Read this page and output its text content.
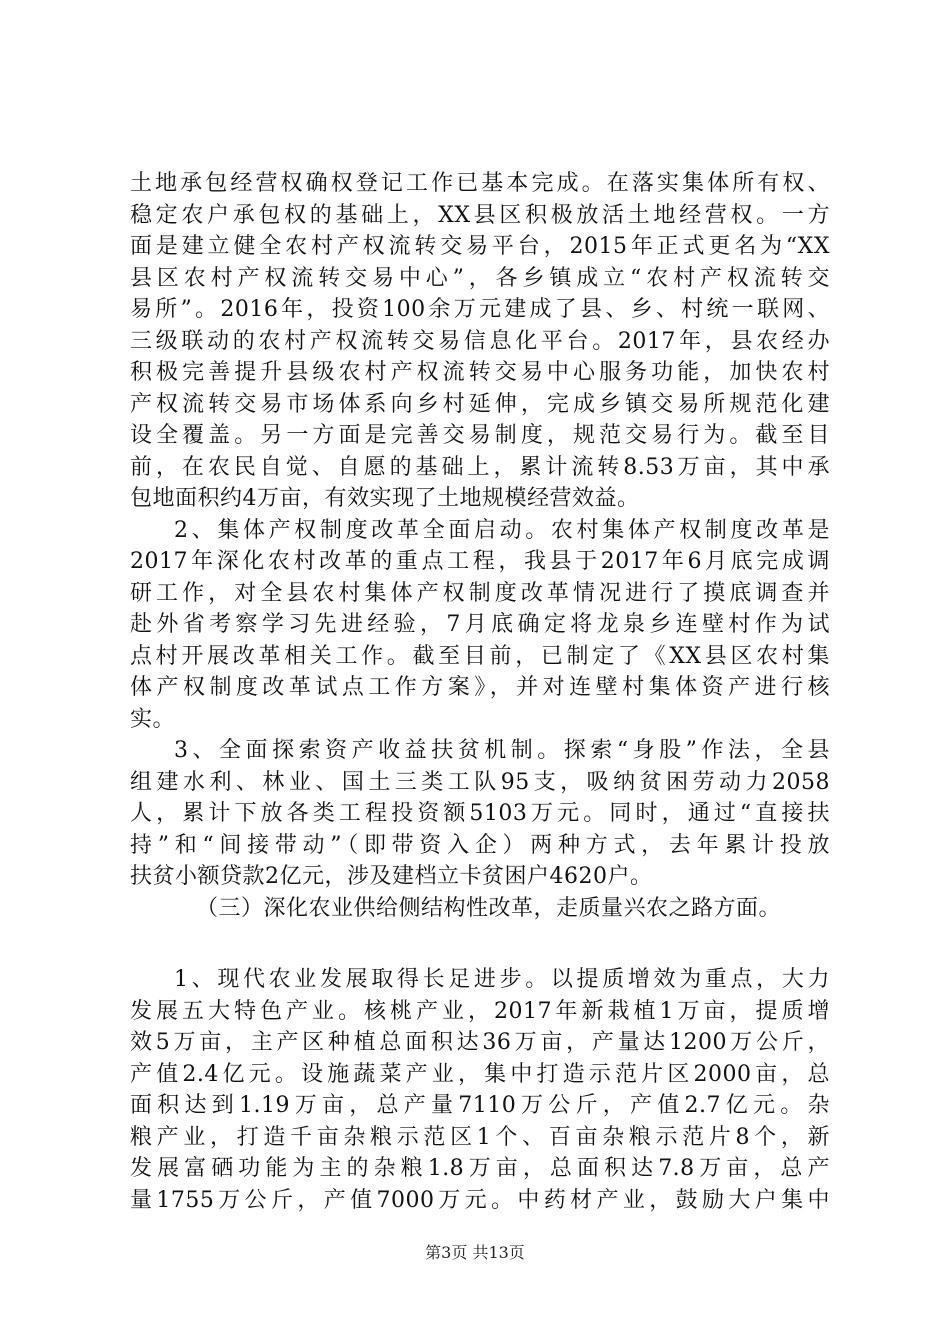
土地承包经营权确权登记工作已基本完成。在落实集体所有权、
稳定农户承包权的基础上，XX县区积极放活土地经营权。一方
面是建立健全农村产权流转交易平台，2015年正式更名为“XX
县区农村产权流转交易中心”，各乡镇成立“农村产权流转交
易所”。2016年，投资100余万元建成了县、乡、村统一联网、
三级联动的农村产权流转交易信息化平台。2017年，县农经办
积极完善提升县级农村产权流转交易中心服务功能，加快农村
产权流转交易市场体系向乡村延伸，完成乡镇交易所规范化建
设全覆盖。另一方面是完善交易制度，规范交易行为。截至目
前，在农民自觉、自愿的基础上，累计流转8.53万亩，其中承
包地面积约4万亩，有效实现了土地规模经营效益。
2、集体产权制度改革全面启动。农村集体产权制度改革是
2017年深化农村改革的重点工程，我县于2017年6月底完成调
研工作，对全县农村集体产权制度改革情况进行了摸底调查并
赴外省考察学习先进经验，7月底确定将龙泉乡连壁村作为试
点村开展改革相关工作。截至目前，已制定了《XX县区农村集
体产权制度改革试点工作方案》，并对连壁村集体资产进行核
实。
3、全面探索资产收益扶贫机制。探索“身股”作法，全县
组建水利、林业、国土三类工队95支，吸纳贫困劳动力2058
人，累计下放各类工程投资额5103万元。同时，通过“直接扶
持”和“间接带动”（即带资入企）两种方式，去年累计投放
扶贫小额贷款2亿元，涉及建档立卡贫困户4620户。
（三）深化农业供给侧结构性改革，走质量兴农之路方面。
1、现代农业发展取得长足进步。以提质增效为重点，大力
发展五大特色产业。核桃产业，2017年新栽植1万亩，提质增
效5万亩，主产区种植总面积达36万亩，产量达1200万公斤，
产值2.4亿元。设施蔬菜产业，集中打造示范片区2000亩，总
面积达到1.19万亩，总产量7110万公斤，产值2.7亿元。杂
粮产业，打造千亩杂粮示范区1个、百亩杂粮示范片8个，新
发展富硒功能为主的杂粮1.8万亩，总面积达7.8万亩，总产
量1755万公斤，产值7000万元。中药材产业，鼓励大户集中
第3页 共13页
